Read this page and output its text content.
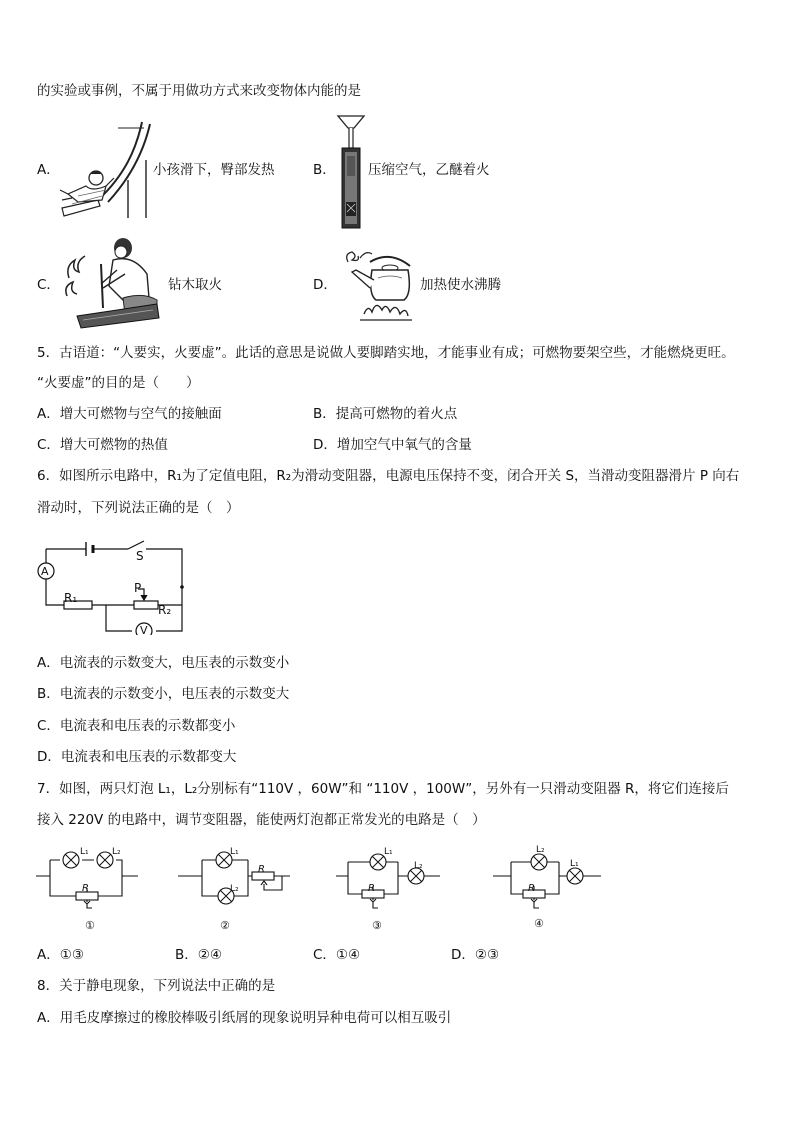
的实验或事例，不属于用做功方式来改变物体内能的是
A．	小孩滑下，臀部发热	B． 压缩空气，乙醚着火
C．	钻木取火	D．	加热使水沸腾
5．古语道：“人要实，火要虚”。此话的意思是说做人要脚踏实地，才能事业有成；可燃物要架空些，才能燃烧更旺。
“火要虚”的目的是（　　）
A．增大可燃物与空气的接触面	B．提高可燃物的着火点
C．增大可燃物的热值	D．增加空气中氧气的含量
6．如图所示电路中，R₁为了定值电阻，R₂为滑动变阻器，电源电压保持不变，闭合开关 S，当滑动变阻器滑片 P 向右
滑动时，下列说法正确的是（　）
A
V
S
R₁
R₂
P
A．电流表的示数变大，电压表的示数变小
B．电流表的示数变小，电压表的示数变大
C．电流表和电压表的示数都变小
D．电流表和电压表的示数都变大
7．如图，两只灯泡 L₁，L₂分别标有“110V ，60W”和 “110V ，100W”，另外有一只滑动变阻器 R，将它们连接后
接入 220V 的电路中，调节变阻器，能使两灯泡都正常发光的电路是（　）
L₁	L₂
R
①
L₁
L₂
R
②
L₁
L₂
R
③
L₂
L₁
R
④
A．①③	B．②④	C．①④	D．②③
8．关于静电现象，下列说法中正确的是
A．用毛皮摩擦过的橡胶棒吸引纸屑的现象说明异种电荷可以相互吸引
